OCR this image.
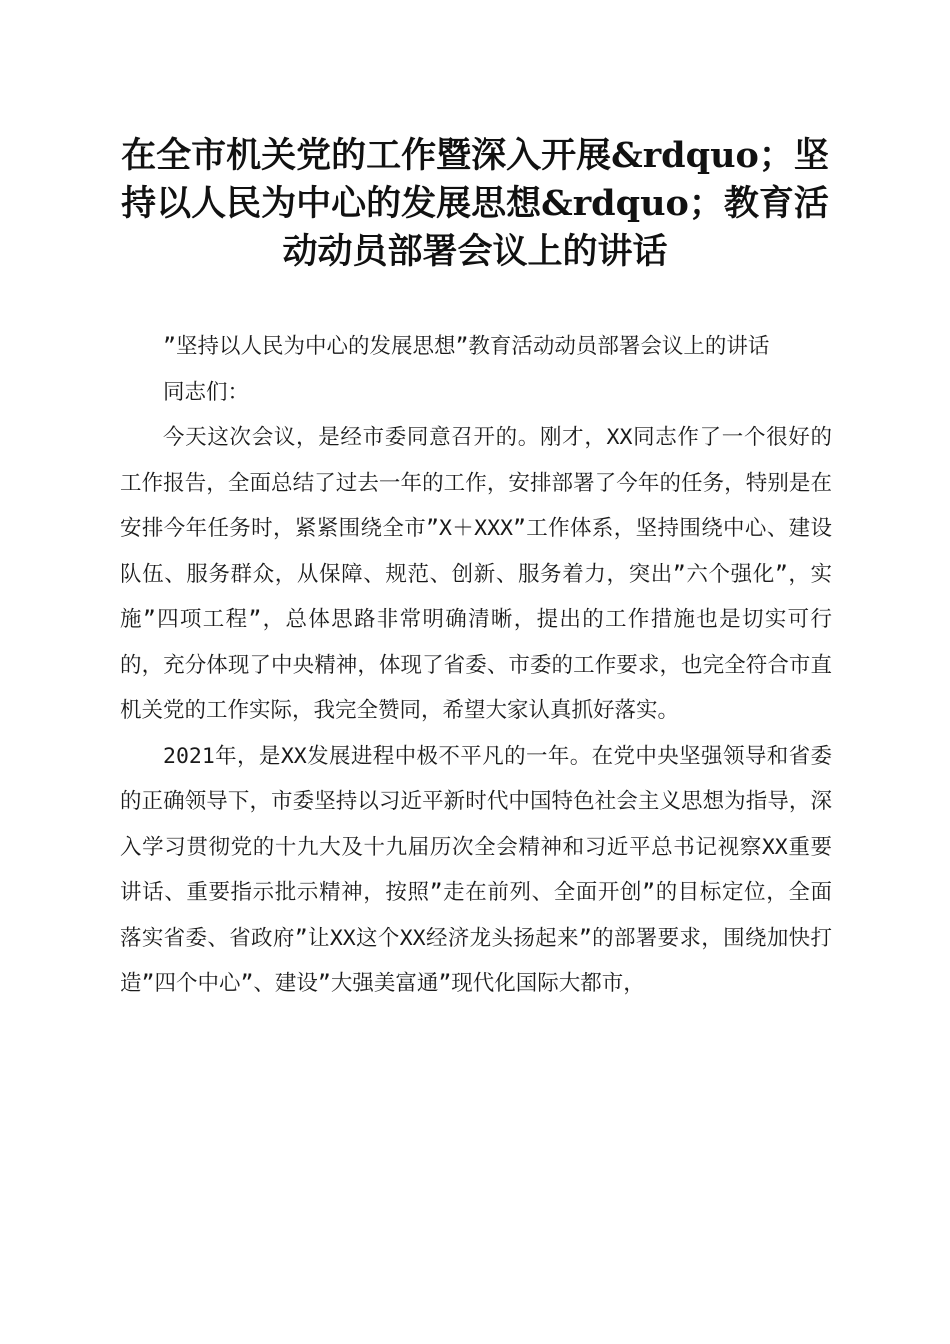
在全市机关党的工作暨深入开展&rdquo；坚持以人民为中心的发展思想&rdquo；教育活动动员部署会议上的讲话

”坚持以人民为中心的发展思想”教育活动动员部署会议上的讲话

同志们：

今天这次会议，是经市委同意召开的。刚才，XX同志作了一个很好的工作报告，全面总结了过去一年的工作，安排部署了今年的任务，特别是在安排今年任务时，紧紧围绕全市”X＋XXX”工作体系，坚持围绕中心、建设队伍、服务群众，从保障、规范、创新、服务着力，突出”六个强化”，实施”四项工程”，总体思路非常明确清晰，提出的工作措施也是切实可行的，充分体现了中央精神，体现了省委、市委的工作要求，也完全符合市直机关党的工作实际，我完全赞同，希望大家认真抓好落实。

2021年，是XX发展进程中极不平凡的一年。在党中央坚强领导和省委的正确领导下，市委坚持以习近平新时代中国特色社会主义思想为指导，深入学习贯彻党的十九大及十九届历次全会精神和习近平总书记视察XX重要讲话、重要指示批示精神，按照”走在前列、全面开创”的目标定位，全面落实省委、省政府”让XX这个XX经济龙头扬起来”的部署要求，围绕加快打造”四个中心”、建设”大强美富通”现代化国际大都市，
